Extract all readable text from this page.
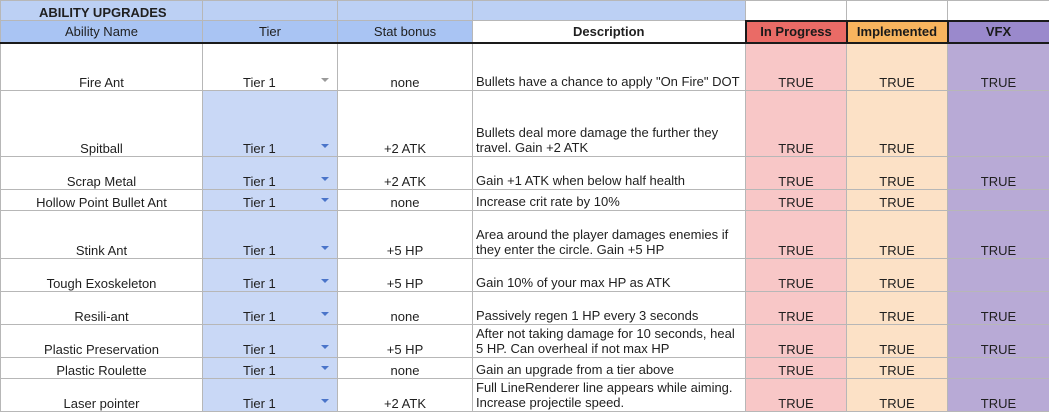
ABILITY UPGRADES						
Ability Name	Tier	Stat bonus	Description	In Progress	Implemented	VFX
Fire Ant	Tier 1	none	Bullets have a chance to apply "On Fire" DOT	TRUE	TRUE	TRUE
Spitball	Tier 1	+2 ATK	Bullets deal more damage the further they travel. Gain +2 ATK	TRUE	TRUE	
Scrap Metal	Tier 1	+2 ATK	Gain +1 ATK when below half health	TRUE	TRUE	TRUE
Hollow Point Bullet Ant	Tier 1	none	Increase crit rate by 10%	TRUE	TRUE	
Stink Ant	Tier 1	+5 HP	Area around the player damages enemies if they enter the circle. Gain +5 HP	TRUE	TRUE	TRUE
Tough Exoskeleton	Tier 1	+5 HP	Gain 10% of your max HP as ATK	TRUE	TRUE	
Resili-ant	Tier 1	none	Passively regen 1 HP every 3 seconds	TRUE	TRUE	TRUE
Plastic Preservation	Tier 1	+5 HP	After not taking damage for 10 seconds, heal 5 HP. Can overheal if not max HP	TRUE	TRUE	TRUE
Plastic Roulette	Tier 1	none	Gain an upgrade from a tier above	TRUE	TRUE	
Laser pointer	Tier 1	+2 ATK	Full LineRenderer line appears while aiming. Increase projectile speed.	TRUE	TRUE	TRUE
